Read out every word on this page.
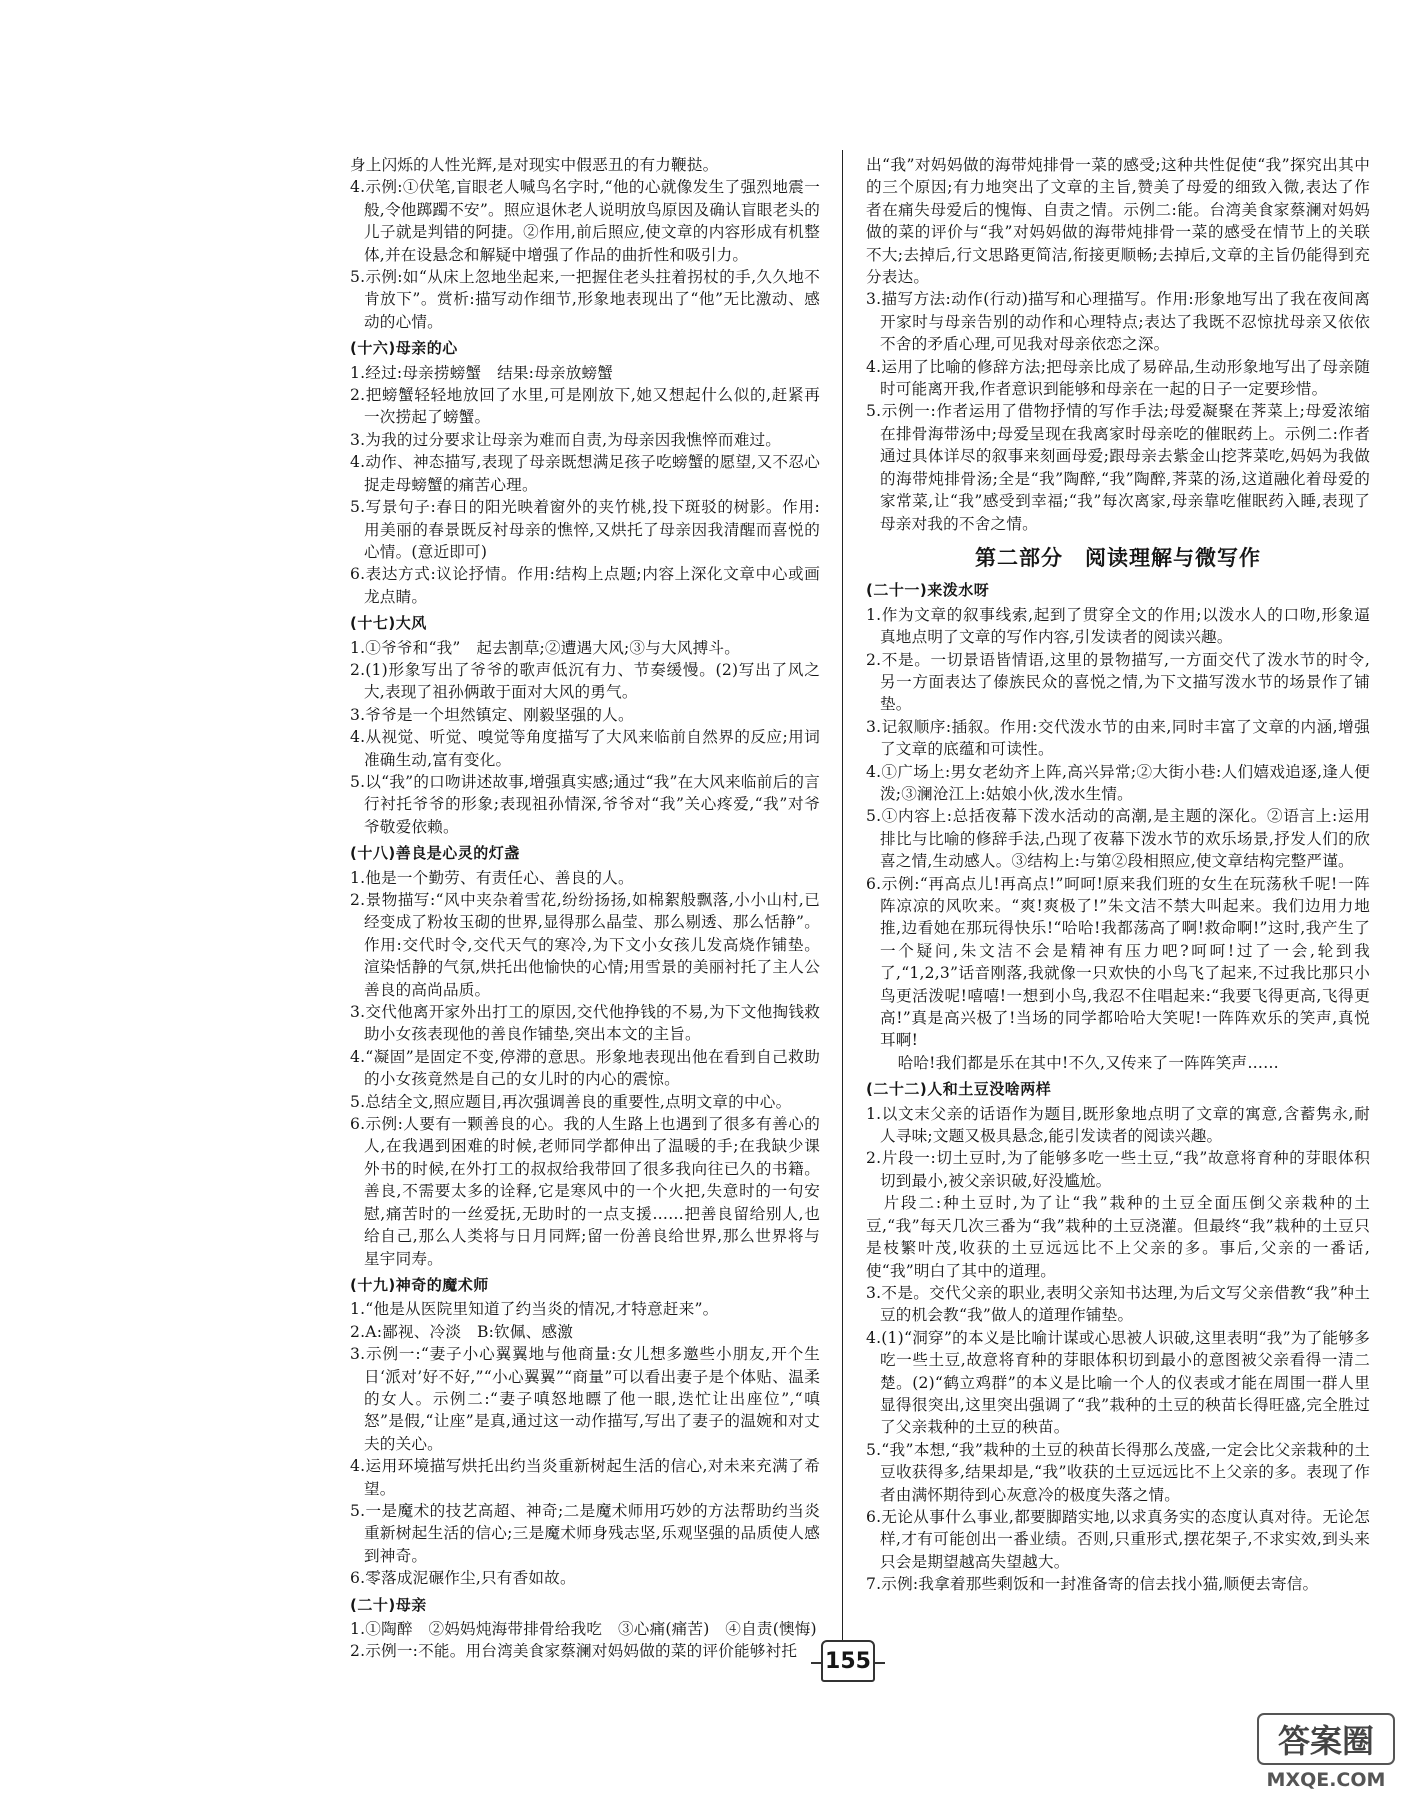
身上闪烁的人性光辉,是对现实中假恶丑的有力鞭挞。

4.示例:①伏笔,盲眼老人喊鸟名字时,“他的心就像发生了强烈地震一般,令他踯躅不安”。照应退休老人说明放鸟原因及确认盲眼老头的儿子就是判错的阿捷。②作用,前后照应,使文章的内容形成有机整体,并在设悬念和解疑中增强了作品的曲折性和吸引力。

5.示例:如“从床上忽地坐起来,一把握住老头拄着拐杖的手,久久地不肯放下”。赏析:描写动作细节,形象地表现出了“他”无比激动、感动的心情。

(十六)母亲的心

1.经过:母亲捞螃蟹　结果:母亲放螃蟹

2.把螃蟹轻轻地放回了水里,可是刚放下,她又想起什么似的,赶紧再一次捞起了螃蟹。

3.为我的过分要求让母亲为难而自责,为母亲因我憔悴而难过。

4.动作、神态描写,表现了母亲既想满足孩子吃螃蟹的愿望,又不忍心捉走母螃蟹的痛苦心理。

5.写景句子:春日的阳光映着窗外的夹竹桃,投下斑驳的树影。作用:用美丽的春景既反衬母亲的憔悴,又烘托了母亲因我清醒而喜悦的心情。(意近即可)

6.表达方式:议论抒情。作用:结构上点题;内容上深化文章中心或画龙点睛。

(十七)大风

1.①爷爷和“我”　起去割草;②遭遇大风;③与大风搏斗。

2.(1)形象写出了爷爷的歌声低沉有力、节奏缓慢。(2)写出了风之大,表现了祖孙俩敢于面对大风的勇气。

3.爷爷是一个坦然镇定、刚毅坚强的人。

4.从视觉、听觉、嗅觉等角度描写了大风来临前自然界的反应;用词准确生动,富有变化。

5.以“我”的口吻讲述故事,增强真实感;通过“我”在大风来临前后的言行衬托爷爷的形象;表现祖孙情深,爷爷对“我”关心疼爱,“我”对爷爷敬爱依赖。

(十八)善良是心灵的灯盏

1.他是一个勤劳、有责任心、善良的人。

2.景物描写:“风中夹杂着雪花,纷纷扬扬,如棉絮般飘落,小小山村,已经变成了粉妆玉砌的世界,显得那么晶莹、那么剔透、那么恬静”。作用:交代时令,交代天气的寒冷,为下文小女孩儿发高烧作铺垫。渲染恬静的气氛,烘托出他愉快的心情;用雪景的美丽衬托了主人公善良的高尚品质。

3.交代他离开家外出打工的原因,交代他挣钱的不易,为下文他掏钱救助小女孩表现他的善良作铺垫,突出本文的主旨。

4.“凝固”是固定不变,停滞的意思。形象地表现出他在看到自己救助的小女孩竟然是自己的女儿时的内心的震惊。

5.总结全文,照应题目,再次强调善良的重要性,点明文章的中心。

6.示例:人要有一颗善良的心。我的人生路上也遇到了很多有善心的人,在我遇到困难的时候,老师同学都伸出了温暖的手;在我缺少课外书的时候,在外打工的叔叔给我带回了很多我向往已久的书籍。善良,不需要太多的诠释,它是寒风中的一个火把,失意时的一句安慰,痛苦时的一丝爱抚,无助时的一点支援……把善良留给别人,也给自己,那么人类将与日月同辉;留一份善良给世界,那么世界将与星宇同寿。

(十九)神奇的魔术师

1.“他是从医院里知道了约当炎的情况,才特意赶来”。

2.A:鄙视、冷淡　B:钦佩、感激

3.示例一:“妻子小心翼翼地与他商量:女儿想多邀些小朋友,开个生日‘派对’好不好,”“小心翼翼”“商量”可以看出妻子是个体贴、温柔的女人。示例二:“妻子嗔怒地瞟了他一眼,迭忙让出座位”,“嗔怒”是假,“让座”是真,通过这一动作描写,写出了妻子的温婉和对丈夫的关心。

4.运用环境描写烘托出约当炎重新树起生活的信心,对未来充满了希望。

5.一是魔术的技艺高超、神奇;二是魔术师用巧妙的方法帮助约当炎重新树起生活的信心;三是魔术师身残志坚,乐观坚强的品质使人感到神奇。

6.零落成泥碾作尘,只有香如故。

(二十)母亲

1.①陶醉　②妈妈炖海带排骨给我吃　③心痛(痛苦)　④自责(懊悔)

2.示例一:不能。用台湾美食家蔡澜对妈妈做的菜的评价能够衬托

出“我”对妈妈做的海带炖排骨一菜的感受;这种共性促使“我”探究出其中的三个原因;有力地突出了文章的主旨,赞美了母爱的细致入微,表达了作者在痛失母爱后的愧悔、自责之情。示例二:能。台湾美食家蔡澜对妈妈做的菜的评价与“我”对妈妈做的海带炖排骨一菜的感受在情节上的关联不大;去掉后,行文思路更简洁,衔接更顺畅;去掉后,文章的主旨仍能得到充分表达。

3.描写方法:动作(行动)描写和心理描写。作用:形象地写出了我在夜间离开家时与母亲告别的动作和心理特点;表达了我既不忍惊扰母亲又依依不舍的矛盾心理,可见我对母亲依恋之深。

4.运用了比喻的修辞方法;把母亲比成了易碎品,生动形象地写出了母亲随时可能离开我,作者意识到能够和母亲在一起的日子一定要珍惜。

5.示例一:作者运用了借物抒情的写作手法;母爱凝聚在荠菜上;母爱浓缩在排骨海带汤中;母爱呈现在我离家时母亲吃的催眠药上。示例二:作者通过具体详尽的叙事来刻画母爱;跟母亲去紫金山挖荠菜吃,妈妈为我做的海带炖排骨汤;全是“我”陶醉,“我”陶醉,荠菜的汤,这道融化着母爱的家常菜,让“我”感受到幸福;“我”每次离家,母亲靠吃催眠药入睡,表现了母亲对我的不舍之情。

第二部分　阅读理解与微写作
(二十一)来泼水呀

1.作为文章的叙事线索,起到了贯穿全文的作用;以泼水人的口吻,形象逼真地点明了文章的写作内容,引发读者的阅读兴趣。

2.不是。一切景语皆情语,这里的景物描写,一方面交代了泼水节的时令,另一方面表达了傣族民众的喜悦之情,为下文描写泼水节的场景作了铺垫。

3.记叙顺序:插叙。作用:交代泼水节的由来,同时丰富了文章的内涵,增强了文章的底蕴和可读性。

4.①广场上:男女老幼齐上阵,高兴异常;②大街小巷:人们嬉戏追逐,逢人便泼;③澜沧江上:姑娘小伙,泼水生情。

5.①内容上:总括夜幕下泼水活动的高潮,是主题的深化。②语言上:运用排比与比喻的修辞手法,凸现了夜幕下泼水节的欢乐场景,抒发人们的欣喜之情,生动感人。③结构上:与第②段相照应,使文章结构完整严谨。

6.示例:“再高点儿!再高点!”呵呵!原来我们班的女生在玩荡秋千呢!一阵阵凉凉的风吹来。“爽!爽极了!”朱文洁不禁大叫起来。我们边用力地推,边看她在那玩得快乐!“哈哈!我都荡高了啊!救命啊!”这时,我产生了一个疑问,朱文洁不会是精神有压力吧?呵呵!过了一会,轮到我了,“1,2,3”话音刚落,我就像一只欢快的小鸟飞了起来,不过我比那只小鸟更活泼呢!嘻嘻!一想到小鸟,我忍不住唱起来:“我要飞得更高,飞得更高!”真是高兴极了!当场的同学都哈哈大笑呢!一阵阵欢乐的笑声,真悦耳啊!

　　哈哈!我们都是乐在其中!不久,又传来了一阵阵笑声……

(二十二)人和土豆没啥两样

1.以文末父亲的话语作为题目,既形象地点明了文章的寓意,含蓄隽永,耐人寻味;文题又极具悬念,能引发读者的阅读兴趣。

2.片段一:切土豆时,为了能够多吃一些土豆,“我”故意将育种的芽眼体积切到最小,被父亲识破,好没尴尬。

　片段二:种土豆时,为了让“我”栽种的土豆全面压倒父亲栽种的土豆,“我”每天几次三番为“我”栽种的土豆浇灌。但最终“我”栽种的土豆只是枝繁叶茂,收获的土豆远远比不上父亲的多。事后,父亲的一番话,使“我”明白了其中的道理。

3.不是。交代父亲的职业,表明父亲知书达理,为后文写父亲借教“我”种土豆的机会教“我”做人的道理作铺垫。

4.(1)“洞穿”的本义是比喻计谋或心思被人识破,这里表明“我”为了能够多吃一些土豆,故意将育种的芽眼体积切到最小的意图被父亲看得一清二楚。(2)“鹤立鸡群”的本义是比喻一个人的仪表或才能在周围一群人里显得很突出,这里突出强调了“我”栽种的土豆的秧苗长得旺盛,完全胜过了父亲栽种的土豆的秧苗。

5.“我”本想,“我”栽种的土豆的秧苗长得那么茂盛,一定会比父亲栽种的土豆收获得多,结果却是,“我”收获的土豆远远比不上父亲的多。表现了作者由满怀期待到心灰意冷的极度失落之情。

6.无论从事什么事业,都要脚踏实地,以求真务实的态度认真对待。无论怎样,才有可能创出一番业绩。否则,只重形式,摆花架子,不求实效,到头来只会是期望越高失望越大。

7.示例:我拿着那些剩饭和一封准备寄的信去找小猫,顺便去寄信。

155
答案圈
MXQE.COM
